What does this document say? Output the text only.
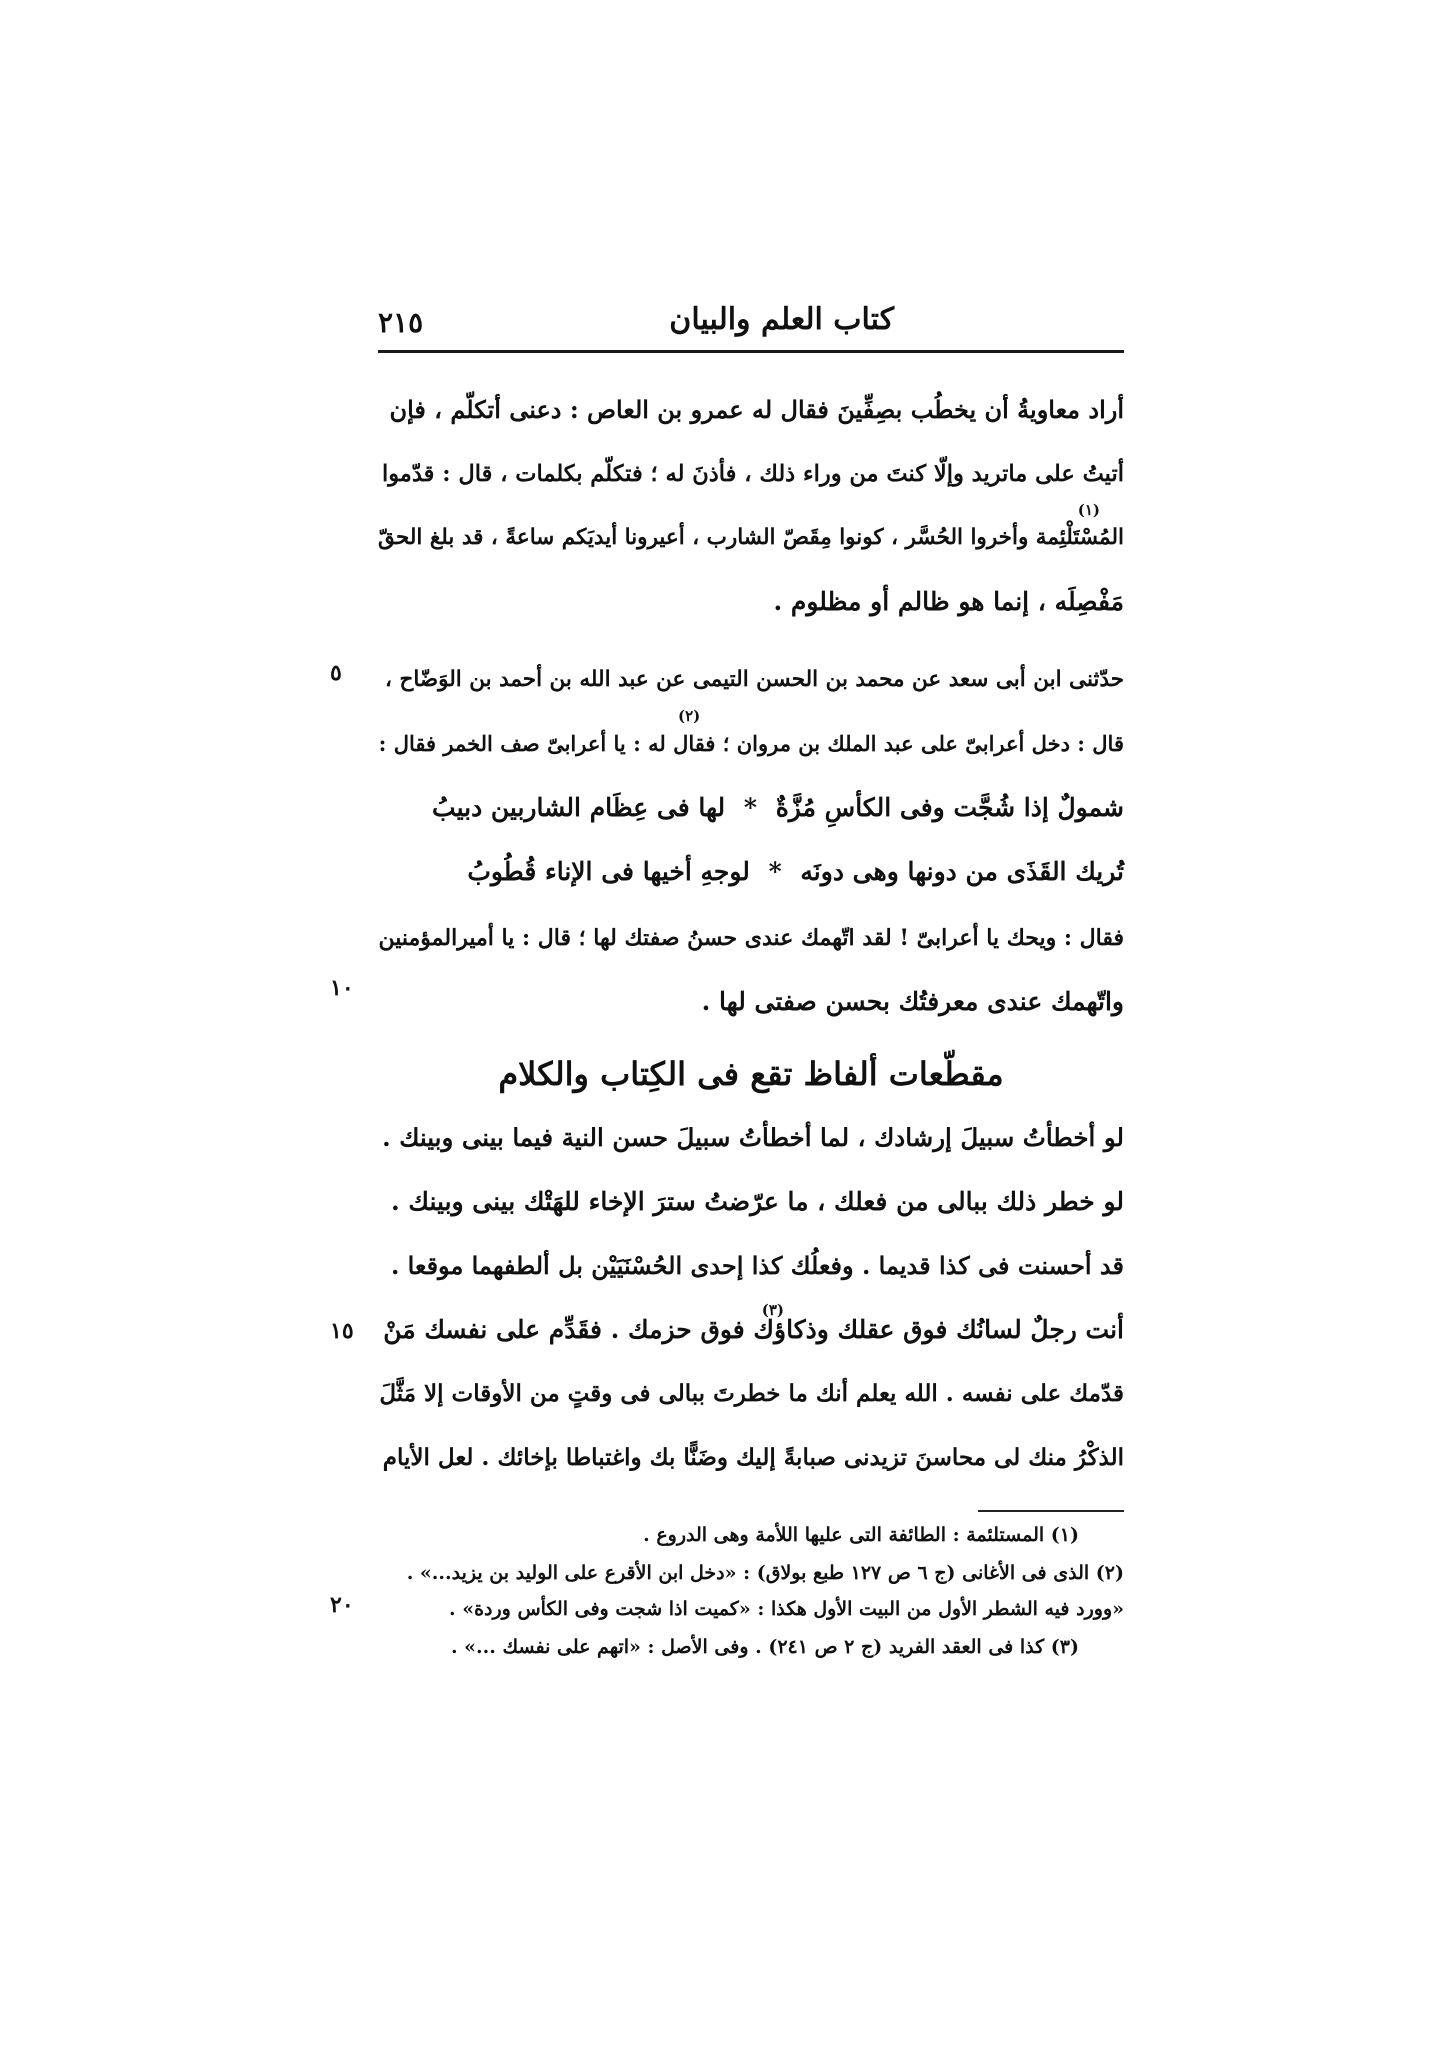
كتاب العلم والبيان
٢١٥
أراد معاويةُ أن يخطُب بصِفِّينَ فقال له عمرو بن العاص : دعنى أتكلّم ، فإن
أتيتُ على ماتريد وإلّا كنتَ من وراء ذلك ، فأذنَ له ؛ فتكلّم بكلمات ، قال : قدّموا
المُسْتَلْئِمة وأخروا الحُسَّر ، كونوا مِقَصّ الشارب ، أعيرونا أيديَكم ساعةً ، قد بلغ الحقّ
(١)
مَفْصِلَه ، إنما هو ظالم أو مظلوم .
حدّثنى ابن أبى سعد عن محمد بن الحسن التيمى عن عبد الله بن أحمد بن الوَضّاح ،
قال : دخل أعرابىّ على عبد الملك بن مروان ؛ فقال له : يا أعرابىّ صف الخمر فقال :
(٢)
شمولٌ إذا شُجَّت وفى الكأسِ مُزَّةٌ * لها فى عِظَام الشاربين دبيبُ
تُريك القَذَى من دونها وهى دونَه * لوجهِ أخيها فى الإناء قُطُوبُ
فقال : ويحك يا أعرابىّ ! لقد اتّهمك عندى حسنُ صفتك لها ؛ قال : يا أميرالمؤمنين
واتّهمك عندى معرفتُك بحسن صفتى لها .
مقطّعات ألفاظ تقع فى الكِتاب والكلام
لو أخطأتُ سبيلَ إرشادك ، لما أخطأتُ سبيلَ حسن النية فيما بينى وبينك .
لو خطر ذلك ببالى من فعلك ، ما عرّضتُ سترَ الإخاء للهَتْك بينى وبينك .
قد أحسنت فى كذا قديما . وفعلُك كذا إحدى الحُسْنَيَيْن بل ألطفهما موقعا .
(٣)
أنت رجلٌ لسانُك فوق عقلك وذكاؤك فوق حزمك . فقَدِّم على نفسك مَنْ
قدّمك على نفسه . الله يعلم أنك ما خطرتَ ببالى فى وقتٍ من الأوقات إلا مَثَّلَ
الذكْرُ منك لى محاسنَ تزيدنى صبابةً إليك وضَنًّا بك واغتباطا بإخائك . لعل الأيام
٥
١٠
١٥
٢٠
(١) المستلئمة : الطائفة التى عليها اللأمة وهى الدروع .
(٢) الذى فى الأغانى (ج ٦ ص ١٢٧ طبع بولاق) : «دخل ابن الأقرع على الوليد بن يزيد...» .
«وورد فيه الشطر الأول من البيت الأول هكذا : «كميت اذا شجت وفى الكأس وردة» .
(٣) كذا فى العقد الفريد (ج ٢ ص ٢٤١) . وفى الأصل : «اتهم على نفسك ...» .
